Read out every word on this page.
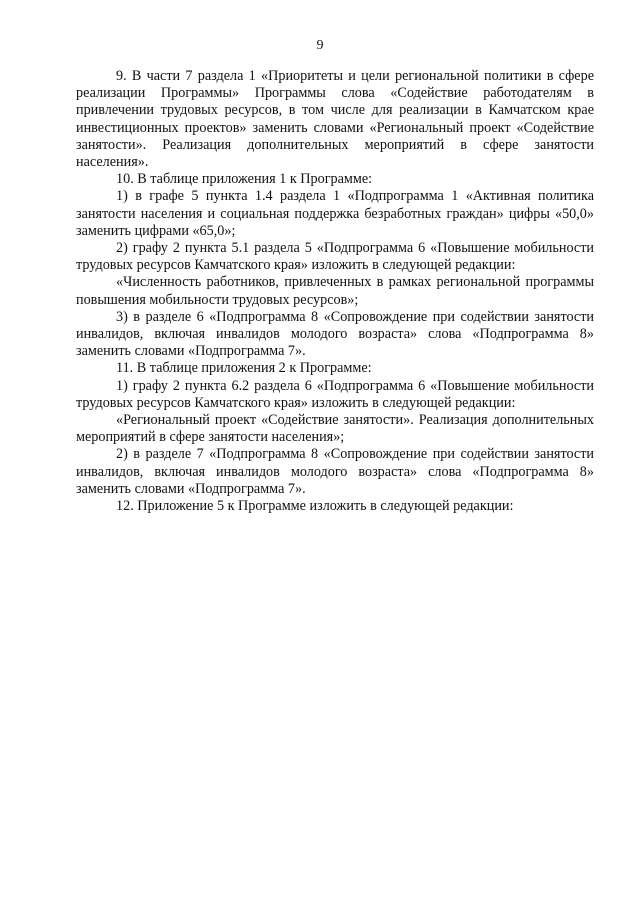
9

9. В части 7 раздела 1 «Приоритеты и цели региональной политики в сфере реализации Программы» Программы слова «Содействие работодателям в привлечении трудовых ресурсов, в том числе для реализации в Камчатском крае инвестиционных проектов» заменить словами «Региональный проект «Содействие занятости». Реализация дополнительных мероприятий в сфере занятости населения».

10. В таблице приложения 1 к Программе:

1) в графе 5 пункта 1.4 раздела 1 «Подпрограмма 1 «Активная политика занятости населения и социальная поддержка безработных граждан» цифры «50,0» заменить цифрами «65,0»;

2) графу 2 пункта 5.1 раздела 5 «Подпрограмма 6 «Повышение мобильности трудовых ресурсов Камчатского края» изложить в следующей редакции:

«Численность работников, привлеченных в рамках региональной программы повышения мобильности трудовых ресурсов»;

3) в разделе 6 «Подпрограмма 8 «Сопровождение при содействии занятости инвалидов, включая инвалидов молодого возраста» слова «Подпрограмма 8» заменить словами «Подпрограмма 7».

11. В таблице приложения 2 к Программе:

1) графу 2 пункта 6.2 раздела 6 «Подпрограмма 6 «Повышение мобильности трудовых ресурсов Камчатского края» изложить в следующей редакции:

«Региональный проект «Содействие занятости». Реализация дополнительных мероприятий в сфере занятости населения»;

2) в разделе 7 «Подпрограмма 8 «Сопровождение при содействии занятости инвалидов, включая инвалидов молодого возраста» слова «Подпрограмма 8» заменить словами «Подпрограмма 7».

12. Приложение 5 к Программе изложить в следующей редакции:
